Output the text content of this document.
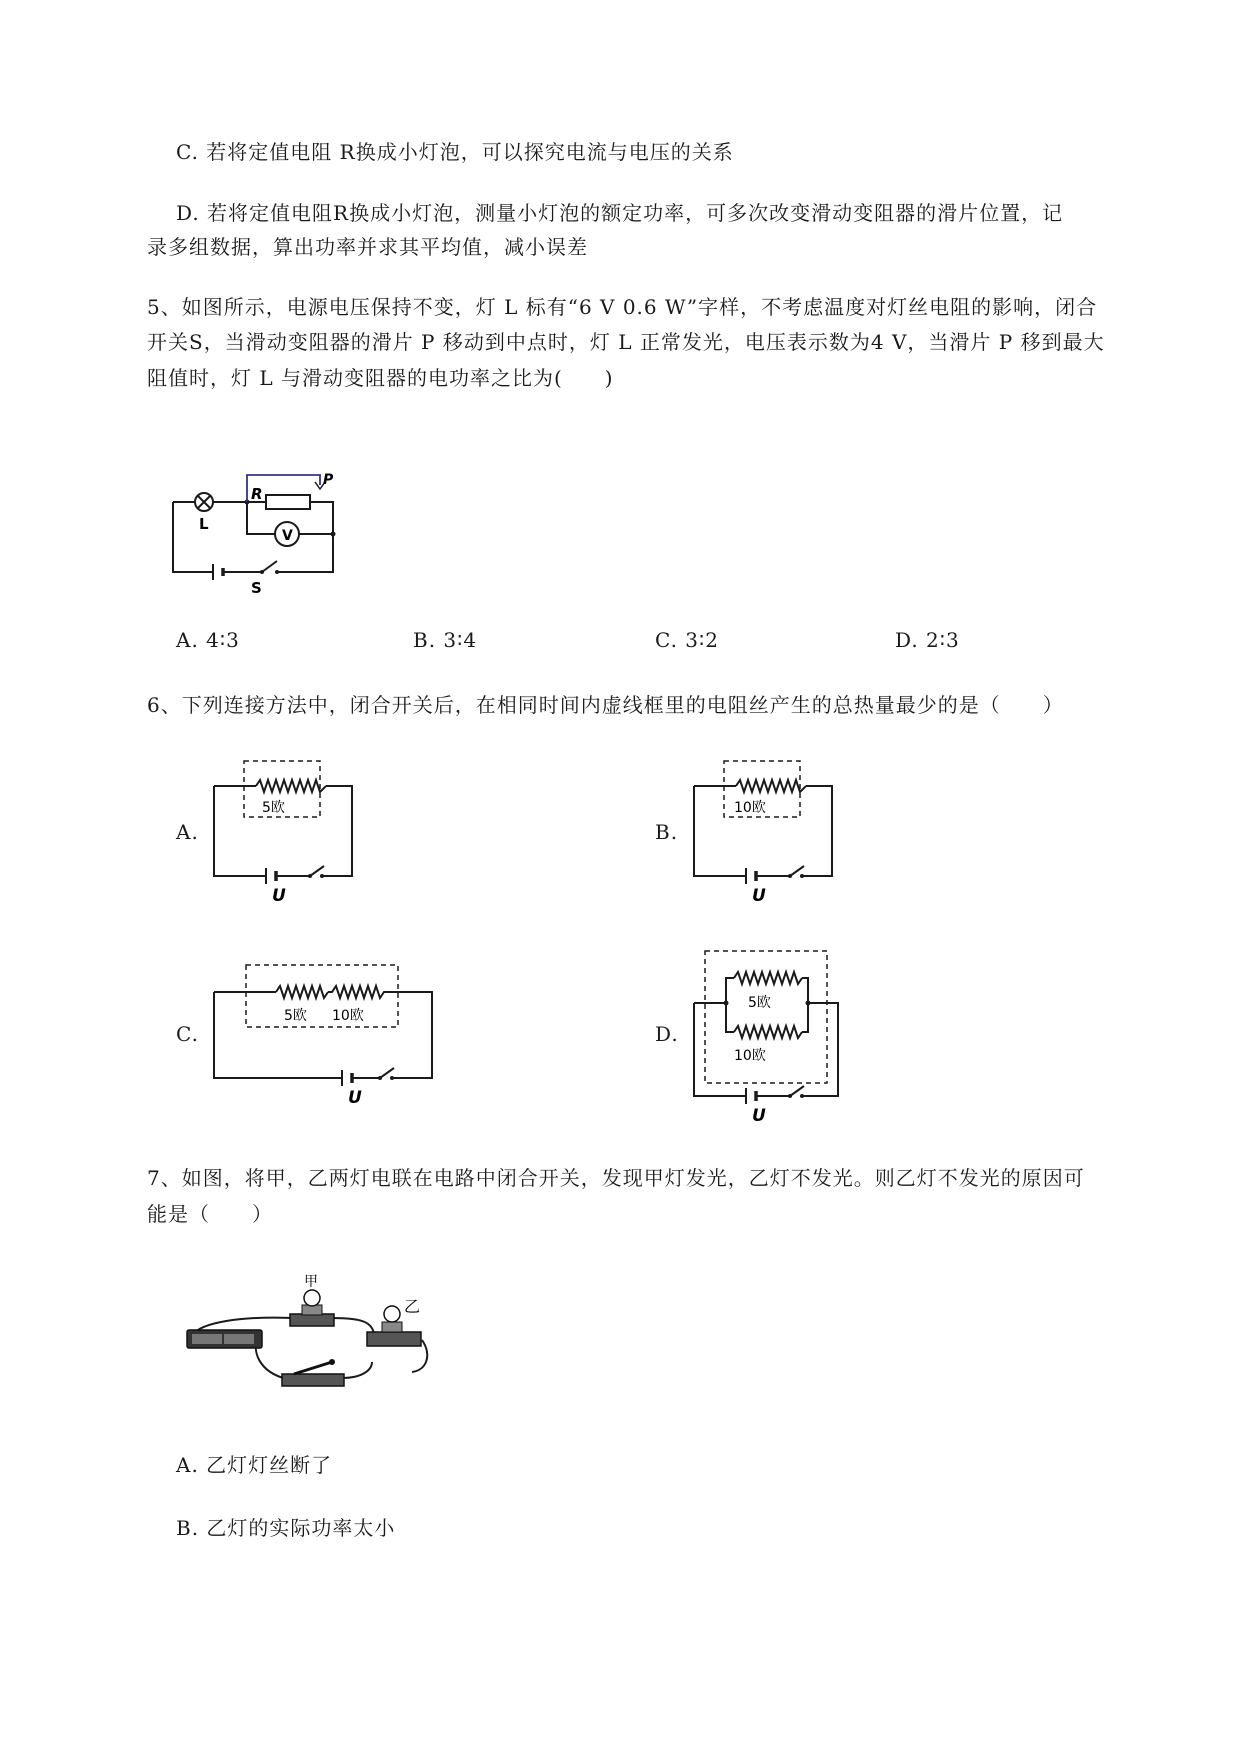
C. 若将定值电阻 R换成小灯泡，可以探究电流与电压的关系
D. 若将定值电阻R换成小灯泡，测量小灯泡的额定功率，可多次改变滑动变阻器的滑片位置，记
录多组数据，算出功率并求其平均值，减小误差
5、如图所示，电源电压保持不变，灯 L 标有“6 V 0.6 W”字样，不考虑温度对灯丝电阻的影响，闭合
开关S，当滑动变阻器的滑片 P 移动到中点时，灯 L 正常发光，电压表示数为4 V，当滑片 P 移到最大
阻值时，灯 L 与滑动变阻器的电功率之比为(　　)
L
R
P
V
S
A. 4∶3	B. 3∶4	C. 3∶2	D. 2∶3
6、下列连接方法中，闭合开关后，在相同时间内虚线框里的电阻丝产生的总热量最少的是（　　）
A.
5欧
U
B.
10欧
U
C.
5欧 10欧
U
D.
5欧
10欧
U
7、如图，将甲，乙两灯电联在电路中闭合开关，发现甲灯发光，乙灯不发光。则乙灯不发光的原因可
能是（　　）
甲
乙
A. 乙灯灯丝断了
B. 乙灯的实际功率太小
